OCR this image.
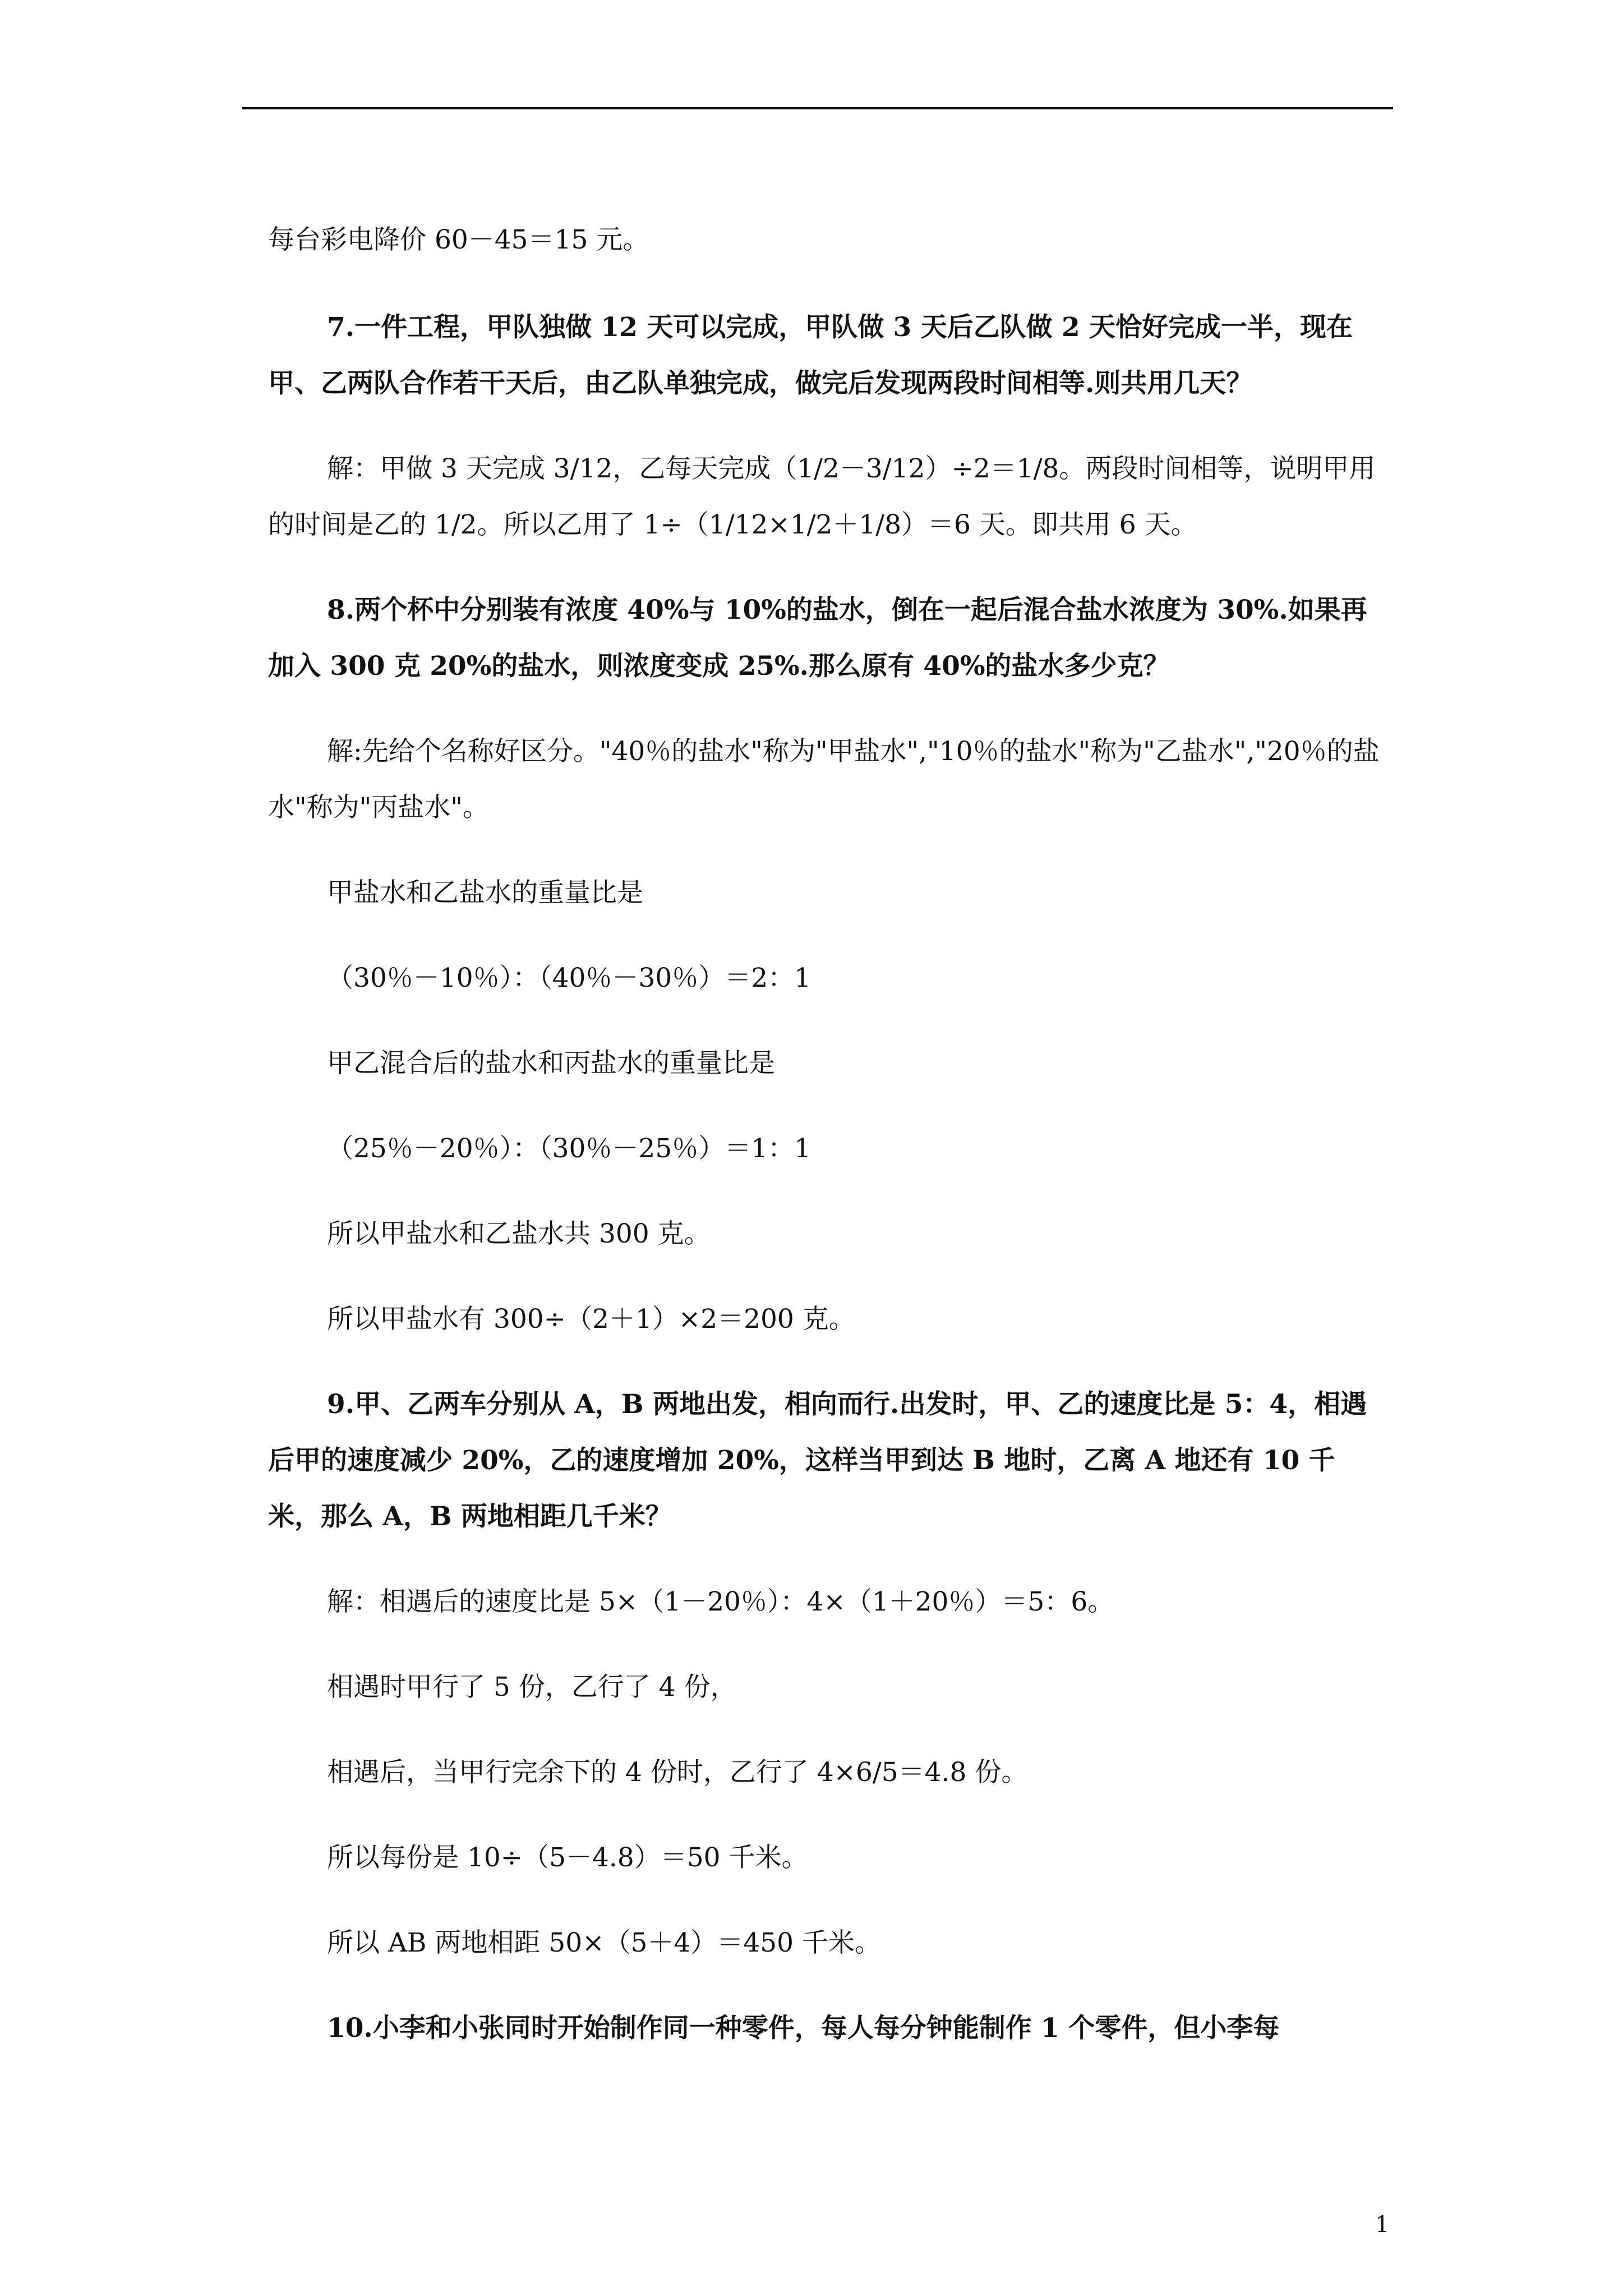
每台彩电降价 60－45＝15 元。

7.一件工程，甲队独做 12 天可以完成，甲队做 3 天后乙队做 2 天恰好完成一半，现在甲、乙两队合作若干天后，由乙队单独完成，做完后发现两段时间相等.则共用几天？

解：甲做 3 天完成 3/12，乙每天完成（1/2－3/12）÷2＝1/8。两段时间相等，说明甲用的时间是乙的 1/2。所以乙用了 1÷（1/12×1/2＋1/8）＝6 天。即共用 6 天。

8.两个杯中分别装有浓度 40%与 10%的盐水，倒在一起后混合盐水浓度为 30%.如果再加入 300 克 20%的盐水，则浓度变成 25%.那么原有 40%的盐水多少克？

解:先给个名称好区分。"40％的盐水"称为"甲盐水","10％的盐水"称为"乙盐水","20％的盐水"称为"丙盐水"。

甲盐水和乙盐水的重量比是

（30％－10％）：（40％－30％）＝2：1

甲乙混合后的盐水和丙盐水的重量比是

（25％－20％）：（30％－25％）＝1：1

所以甲盐水和乙盐水共 300 克。

所以甲盐水有 300÷（2＋1）×2＝200 克。

9.甲、乙两车分别从 A，B 两地出发，相向而行.出发时，甲、乙的速度比是 5：4，相遇后甲的速度减少 20%，乙的速度增加 20%，这样当甲到达 B 地时，乙离 A 地还有 10 千米，那么 A，B 两地相距几千米？

解：相遇后的速度比是 5×（1－20％）：4×（1＋20％）＝5：6。

相遇时甲行了 5 份，乙行了 4 份，

相遇后，当甲行完余下的 4 份时，乙行了 4×6/5＝4.8 份。

所以每份是 10÷（5－4.8）＝50 千米。

所以 AB 两地相距 50×（5＋4）＝450 千米。

10.小李和小张同时开始制作同一种零件，每人每分钟能制作 1 个零件，但小李每

1
